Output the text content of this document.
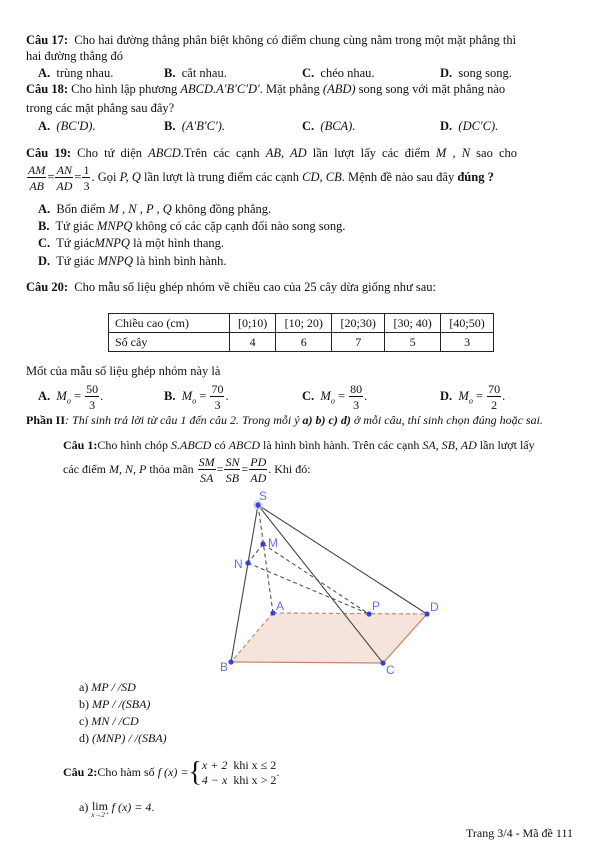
Câu 17: Cho hai đường thẳng phân biệt không có điểm chung cùng nằm trong một mặt phẳng thì
hai đường thẳng đó
A. trùng nhau.	B. cắt nhau.	C. chéo nhau.	D. song song.
Câu 18: Cho hình lập phương ABCD.A′B′C′D′. Mặt phẳng (ABD) song song với mặt phẳng nào
trong các mặt phẳng sau đây?
A. (BC′D).	B. (A′B′C′).	C. (BCA).	D. (DC′C).
Câu 19: Cho tứ diện ABCD.Trên các cạnh AB, AD lần lượt lấy các điểm M , N sao cho
$\frac{AM}{AB} = \frac{AN}{AD} = \frac{1}{3}$ . Gọi P, Q lần lượt là trung điểm các cạnh CD, CB. Mệnh đề nào sau đây đúng ?
A. Bốn điểm M , N , P , Q không đồng phẳng.
B. Tứ giác MNPQ không có các cặp cạnh đối nào song song.
C. Tứ giácMNPQ là một hình thang.
D. Tứ giác MNPQ là hình bình hành.
Câu 20: Cho mẫu số liệu ghép nhóm về chiều cao của 25 cây dừa giống như sau:
Chiều cao (cm)	[0;10)	[10; 20)	[20;30)	[30; 40)	[40;50)
Số cây	4	6	7	5	3
Mốt của mẫu số liệu ghép nhóm này là
A. $M_o = \frac{50}{3}$ .	B. $M_o = \frac{70}{3}$ .	C. $M_o = \frac{80}{3}$ .	D. $M_o = \frac{70}{2}$ .
Phần II: Thí sinh trả lời từ câu 1 đến câu 2. Trong mỗi ý a) b) c) d) ở mỗi câu, thí sinh chọn đúng hoặc sai.
Câu 1:Cho hình chóp S.ABCD có ABCD là hình bình hành. Trên các cạnh SA, SB, AD lần lượt lấy
các điểm M, N, P thỏa mãn $\frac{SM}{SA} = \frac{SN}{SB} = \frac{PD}{AD}$ . Khi đó:
S
M
N
A	P	D
B	C
a) MP / /SD
b) MP / /(SBA)
c) MN / /CD
d) (MNP) / /(SBA)
Câu 2:Cho hàm số f (x) ={ x + 2 khi x ≤ 2
4 − x khi x > 2
.
a) lim
x→2⁺
f (x) = 4.
Trang 3/4 - Mã đề 111
